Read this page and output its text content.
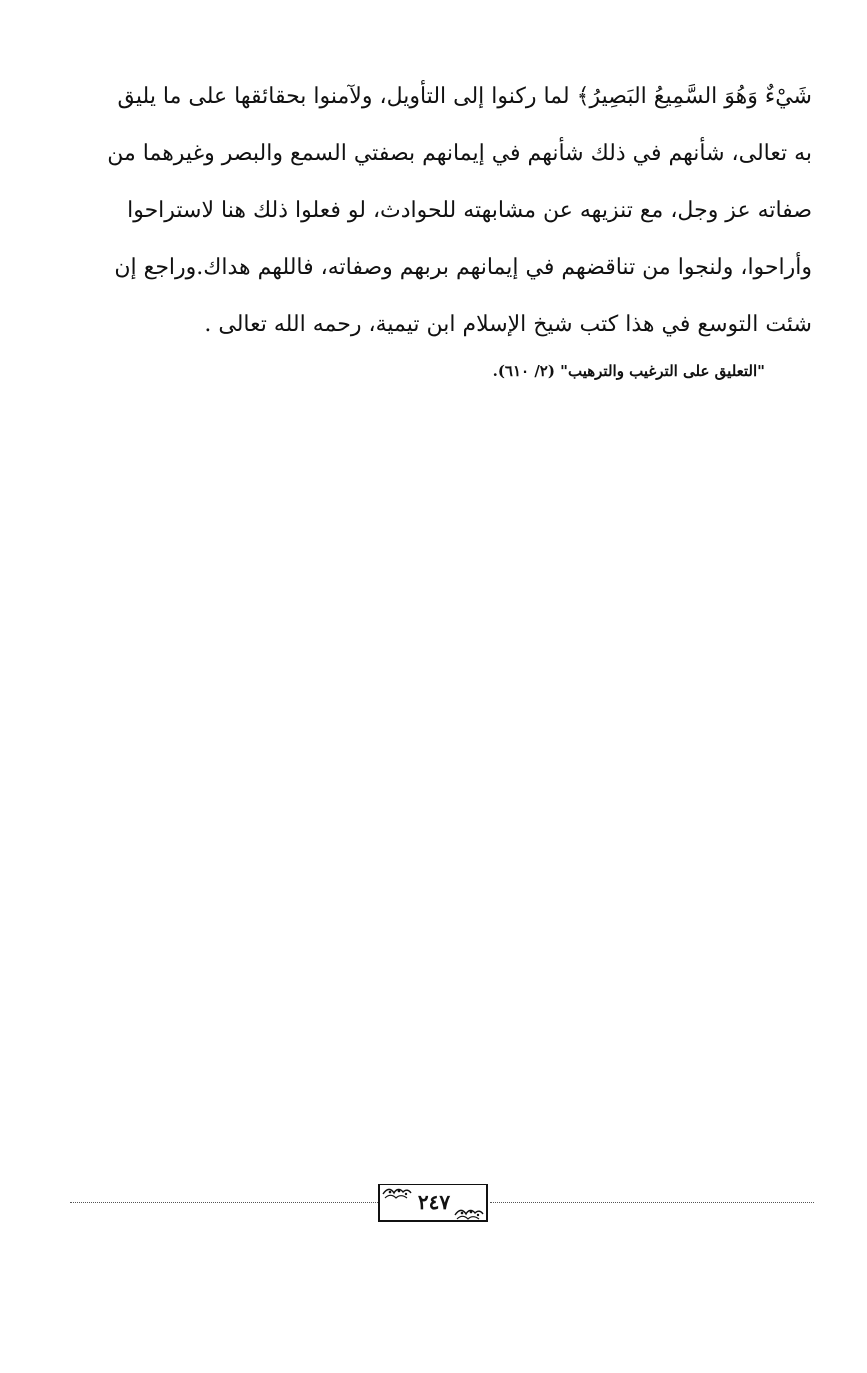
شَيْءٌ وَهُوَ السَّمِيعُ البَصِيرُ﴾ لما ركنوا إلى التأويل، ولآمنوا بحقائقها على ما يليق
به تعالى، شأنهم في ذلك شأنهم في إيمانهم بصفتي السمع والبصر وغيرهما من
صفاته عز وجل، مع تنزيهه عن مشابهته للحوادث، لو فعلوا ذلك هنا لاستراحوا
وأراحوا، ولنجوا من تناقضهم في إيمانهم بربهم وصفاته، فاللهم هداك.وراجع إن
شئت التوسع في هذا كتب شيخ الإسلام ابن تيمية، رحمه الله تعالى .
"التعليق على الترغيب والترهيب" (٢/ ٦١٠).
٢٤٧
